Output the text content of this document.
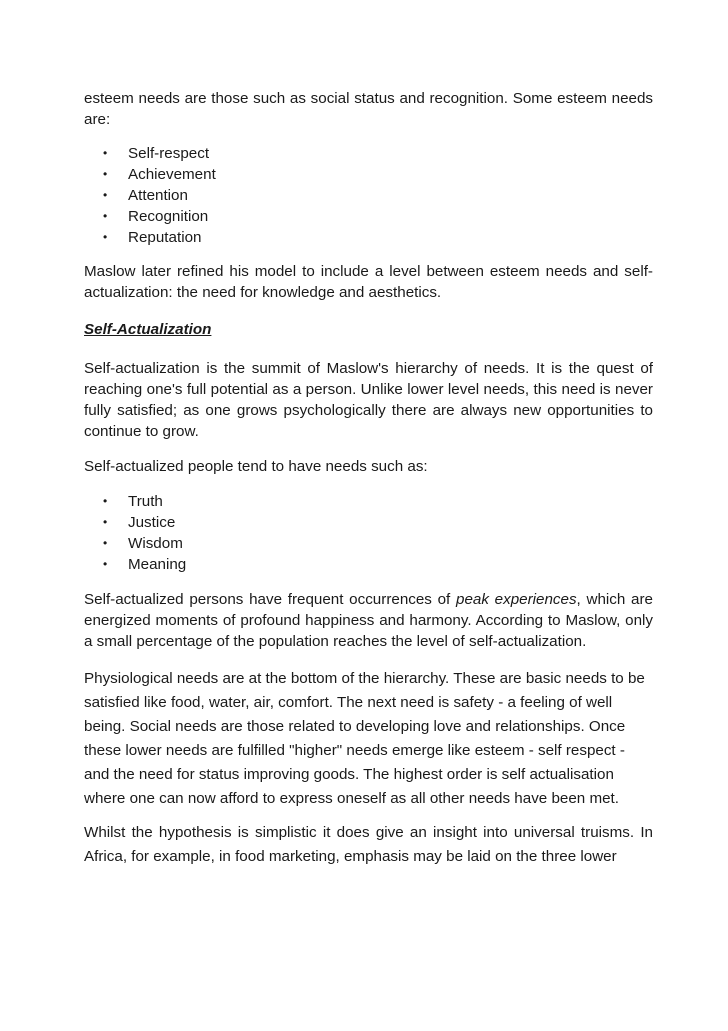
esteem needs are those such as social status and recognition. Some esteem needs are:

• Self-respect
• Achievement
• Attention
• Recognition
• Reputation

Maslow later refined his model to include a level between esteem needs and self-actualization: the need for knowledge and aesthetics.

Self-Actualization

Self-actualization is the summit of Maslow's hierarchy of needs. It is the quest of reaching one's full potential as a person. Unlike lower level needs, this need is never fully satisfied; as one grows psychologically there are always new opportunities to continue to grow.

Self-actualized people tend to have needs such as:

• Truth
• Justice
• Wisdom
• Meaning

Self-actualized persons have frequent occurrences of peak experiences, which are energized moments of profound happiness and harmony. According to Maslow, only a small percentage of the population reaches the level of self-actualization.

Physiological needs are at the bottom of the hierarchy. These are basic needs to be satisfied like food, water, air, comfort. The next need is safety - a feeling of well being. Social needs are those related to developing love and relationships. Once these lower needs are fulfilled "higher" needs emerge like esteem - self respect - and the need for status improving goods. The highest order is self actualisation where one can now afford to express oneself as all other needs have been met.

Whilst the hypothesis is simplistic it does give an insight into universal truisms. In Africa, for example, in food marketing, emphasis may be laid on the three lower
